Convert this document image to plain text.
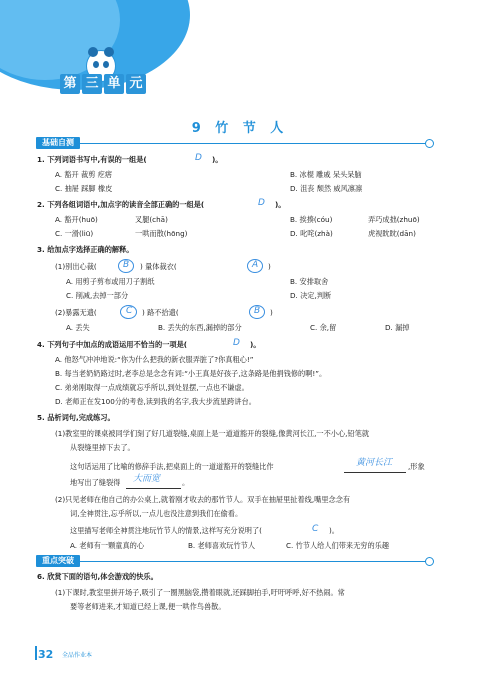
第 三 单 元
9 竹 节 人
基础自测
1. 下列词语书写中,有误的一组是(	D )。
A. 豁开 裁剪 疙瘩	B. 冰棍 雕戚 呆头呆脑
C. 抽屉 踩脚 橡皮	D. 沮丧 颓然 威风凛凛
2. 下列各组词语中,加点字的读音全部正确的一组是(	D )。
A. 豁开(huō)	叉腿(chā)	B. 挨揍(cóu)	弄巧成拙(zhuō)
C. 一滑(liū)	一哄而散(hōng)	D. 叱咤(zhà)	虎视眈眈(dān)
3. 给加点字选择正确的解释。
(1)别出心裁(	B ) 量体裁衣(	A )
A. 用剪子剪布或用刀子割纸	B. 安排取舍
C. 削减,去掉一部分	D. 决定,判断
(2)暴露无遗(	C ) 路不拾遗(	B )
A. 丢失	B. 丢失的东西,漏掉的部分	C. 余,留	D. 漏掉
4. 下列句子中加点的成语运用不恰当的一项是(	D )。
A. 他怒气冲冲地说:“你为什么把我的新衣服弄脏了?你真粗心!”
B. 每当老奶奶路过时,老李总是念念有词:“小王真是好孩子,这条路是他捐钱修的啊!”。
C. 弟弟刚取得一点成绩就忘乎所以,到处显摆,一点也不谦虚。
D. 老师正在发100分的考卷,读到我的名字,我大步流星跨讲台。
5. 品析词句,完成练习。
(1)教室里的课桌被同学们刻了好几道裂缝,桌面上是一道道豁开的裂缝,像黄河长江,一不小心,铅笔就
从裂缝里掉下去了。
这句话运用了比喻的修辞手法,把桌面上的一道道豁开的裂缝比作	黄河长江 ,形象
地写出了缝裂得 大而宽	。
(2)只见老师在他自己的办公桌上,就着刚才收去的那竹节人。双手在抽屉里扯着线,嘴里念念有
词,全神贯注,忘乎所以,一点儿也没注意到我们在偷看。
这里描写老师全神贯注地玩竹节人的情景,这样写充分说明了(	C )。
A. 老师有一颗童真的心	B. 老师喜欢玩竹节人	C. 竹节人给人们带来无穷的乐趣
重点突破
6. 欣赏下面的语句,体会游戏的快乐。
(1)下课时,教室里拼开场子,吸引了一圈黑脑袋,攒着眼就,还踩脚拍手,吁吁呼呼,好不热闹。常
要等老师进来,才知道已经上课,便一哄作鸟兽散。
32 全品作业本
